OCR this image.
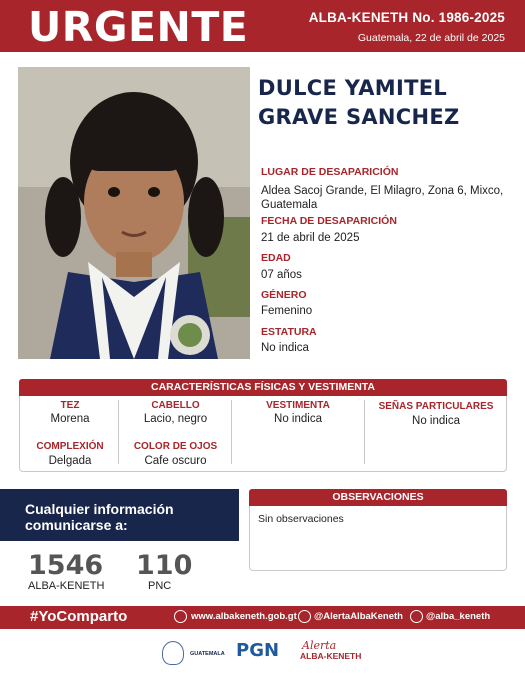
URGENTE	ALBA-KENETH No. 1986-2025
Guatemala, 22 de abril de 2025
DULCE YAMITEL
GRAVE SANCHEZ
LUGAR DE DESAPARICIÓN
Aldea Sacoj Grande, El Milagro, Zona 6, Mixco,
Guatemala
FECHA DE DESAPARICIÓN
21 de abril de 2025
EDAD
07 años
GÉNERO
Femenino
ESTATURA
No indica
CARACTERÍSTICAS FÍSICAS Y VESTIMENTA
TEZ
Morena
CABELLO
Lacio, negro
VESTIMENTA
No indica
SEÑAS PARTICULARES
No indica
COMPLEXIÓN
Delgada
COLOR DE OJOS
Cafe oscuro
Cualquier información
comunicarse a:
1546
ALBA-KENETH
110
PNC
OBSERVACIONES
Sin observaciones
#YoComparto	www.albakeneth.gob.gt @AlertaAlbaKeneth @alba_keneth
GUATEMALA PGN Alerta
ALBA-KENETH
